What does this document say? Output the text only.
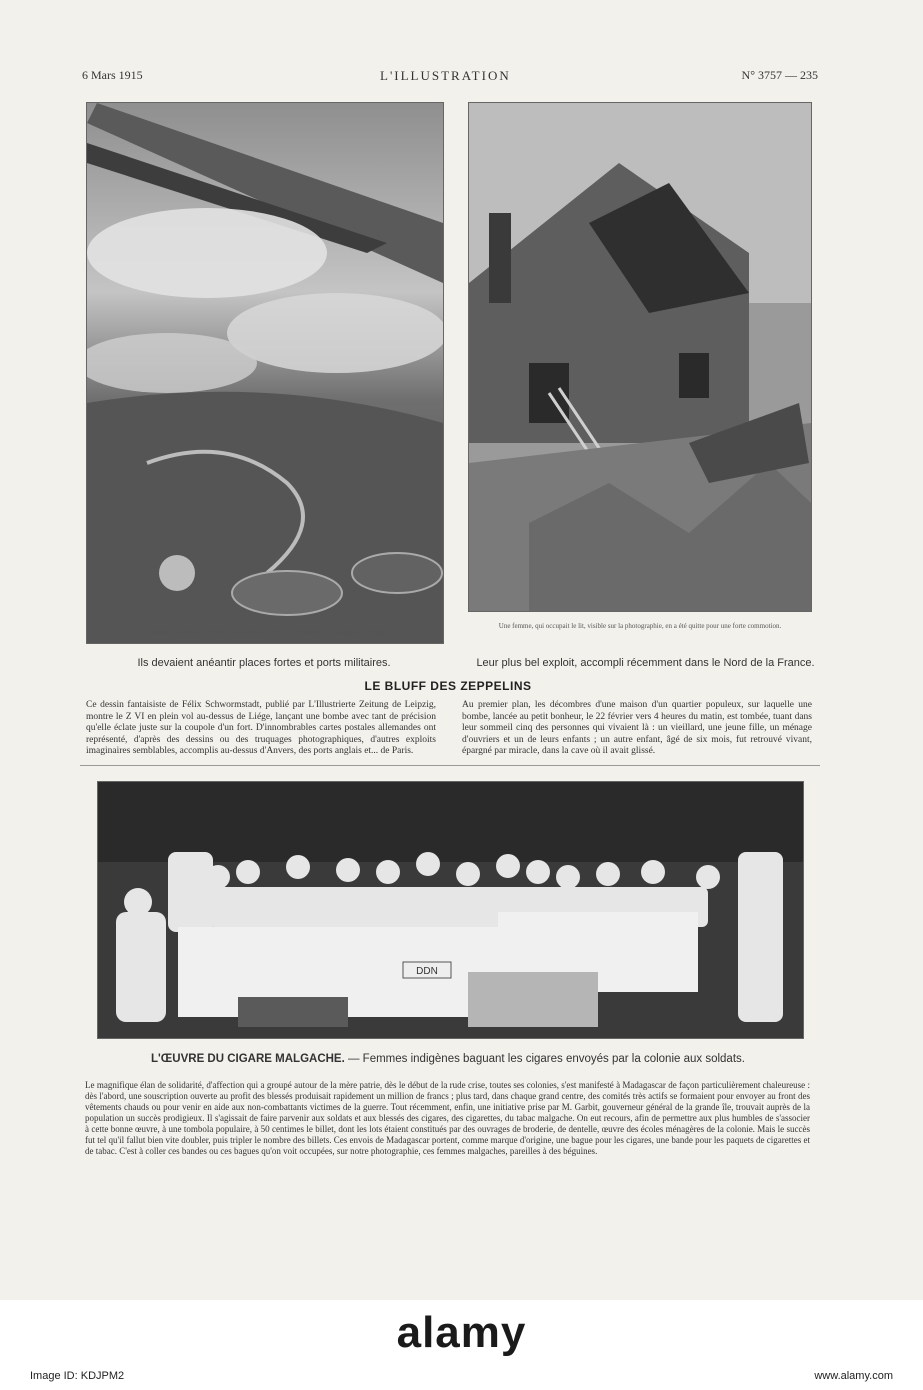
6 Mars 1915	L'ILLUSTRATION	N° 3757 — 235
Le dessin fantaisiste de Félix Schwormstadt publié par l'Illustrierte Zeitung de Leipzig.
Une femme, qui occupait le lit, visible sur la photographie, en a été quitte pour une forte commotion.
Ils devaient anéantir places fortes et ports militaires.	Leur plus bel exploit, accompli récemment dans le Nord de la France.
LE BLUFF DES ZEPPELINS
Ce dessin fantaisiste de Félix Schwormstadt, publié par L'Illustrierte Zeitung de Leipzig, montre le Z VI en plein vol au-dessus de Liége, lançant une bombe avec tant de précision qu'elle éclate juste sur la coupole d'un fort. D'innombrables cartes postales allemandes ont représenté, d'après des dessins ou des truquages photographiques, d'autres exploits imaginaires semblables, accomplis au-dessus d'Anvers, des ports anglais et... de Paris.
Au premier plan, les décombres d'une maison d'un quartier populeux, sur laquelle une bombe, lancée au petit bonheur, le 22 février vers 4 heures du matin, est tombée, tuant dans leur sommeil cinq des personnes qui vivaient là : un vieillard, une jeune fille, un ménage d'ouvriers et un de leurs enfants ; un autre enfant, âgé de six mois, fut retrouvé vivant, épargné par miracle, dans la cave où il avait glissé.
DDN
L'ŒUVRE DU CIGARE MALGACHE. — Femmes indigènes baguant les cigares envoyés par la colonie aux soldats.
Le magnifique élan de solidarité, d'affection qui a groupé autour de la mère patrie, dès le début de la rude crise, toutes ses colonies, s'est manifesté à Madagascar de façon particulièrement chaleureuse : dès l'abord, une souscription ouverte au profit des blessés produisait rapidement un million de francs ; plus tard, dans chaque grand centre, des comités très actifs se formaient pour envoyer au front des vêtements chauds ou pour venir en aide aux non-combattants victimes de la guerre. Tout récemment, enfin, une initiative prise par M. Garbit, gouverneur général de la grande île, trouvait auprès de la population un succès prodigieux. Il s'agissait de faire parvenir aux soldats et aux blessés des cigares, des cigarettes, du tabac malgache. On eut recours, afin de permettre aux plus humbles de s'associer à cette bonne œuvre, à une tombola populaire, à 50 centimes le billet, dont les lots étaient constitués par des ouvrages de broderie, de dentelle, œuvre des écoles ménagères de la colonie. Mais le succès fut tel qu'il fallut bien vite doubler, puis tripler le nombre des billets. Ces envois de Madagascar portent, comme marque d'origine, une bague pour les cigares, une bande pour les paquets de cigarettes et de tabac. C'est à coller ces bandes ou ces bagues qu'on voit occupées, sur notre photographie, ces femmes malgaches, pareilles à des béguines.
alamy
Image ID: KDJPM2	www.alamy.com
